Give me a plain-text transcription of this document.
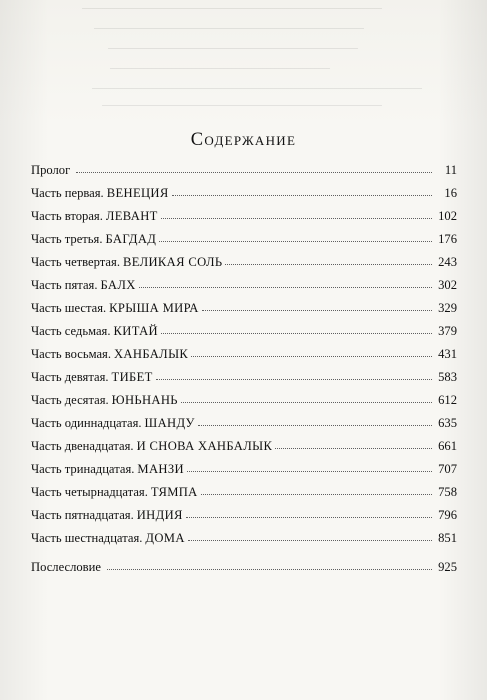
Содержание
Пролог	11
Часть первая. ВЕНЕЦИЯ	16
Часть вторая. ЛЕВАНТ	102
Часть третья. БАГДАД	176
Часть четвертая. ВЕЛИКАЯ СОЛЬ	243
Часть пятая. БАЛХ	302
Часть шестая. КРЫША МИРА	329
Часть седьмая. КИТАЙ	379
Часть восьмая. ХАНБАЛЫК	431
Часть девятая. ТИБЕТ	583
Часть десятая. ЮНЬНАНЬ	612
Часть одиннадцатая. ШАНДУ	635
Часть двенадцатая. И СНОВА ХАНБАЛЫК	661
Часть тринадцатая. МАНЗИ	707
Часть четырнадцатая. ТЯМПА	758
Часть пятнадцатая. ИНДИЯ	796
Часть шестнадцатая. ДОМА	851
Послесловие	925
